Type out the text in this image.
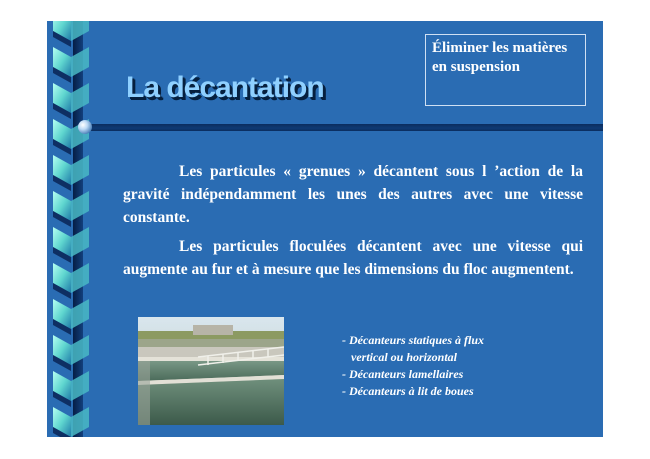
La décantation
Éliminer les matières en suspension

Les particules « grenues » décantent sous l ’action de la gravité indépendamment les unes des autres avec une vitesse constante.

Les particules floculées décantent avec une vitesse qui augmente au fur et à mesure que les dimensions du floc augmentent.

- Décanteurs statiques à flux
vertical ou horizontal
- Décanteurs lamellaires
- Décanteurs à lit de boues
